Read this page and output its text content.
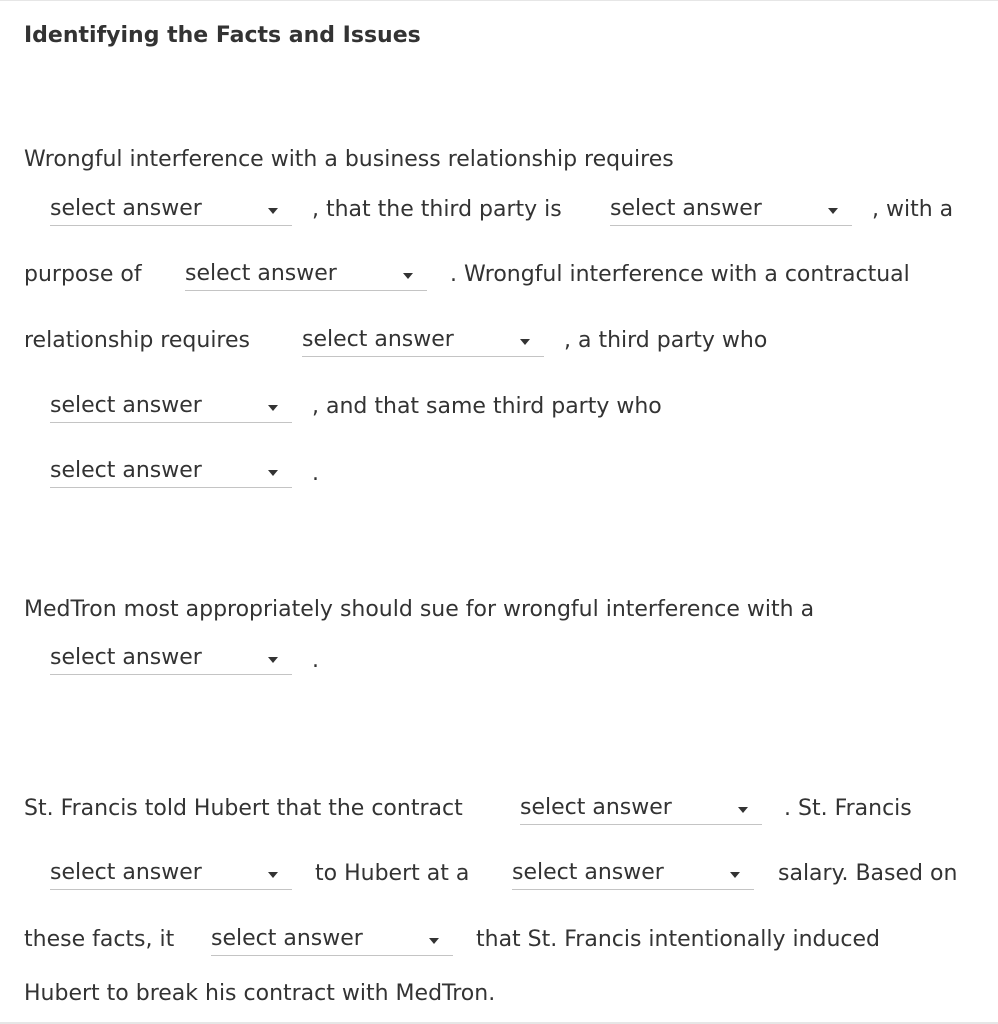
Identifying the Facts and Issues
Wrongful interference with a business relationship requires
select answer	, that the third party is select answer	, with a
purpose of select answer	. Wrongful interference with a contractual
relationship requires select answer	, a third party who
select answer	, and that same third party who
select answer	.
MedTron most appropriately should sue for wrongful interference with a
select answer	.
St. Francis told Hubert that the contract	select answer	. St. Francis
select answer	to Hubert at a select answer	salary. Based on
these facts, it select answer	that St. Francis intentionally induced
Hubert to break his contract with MedTron.
